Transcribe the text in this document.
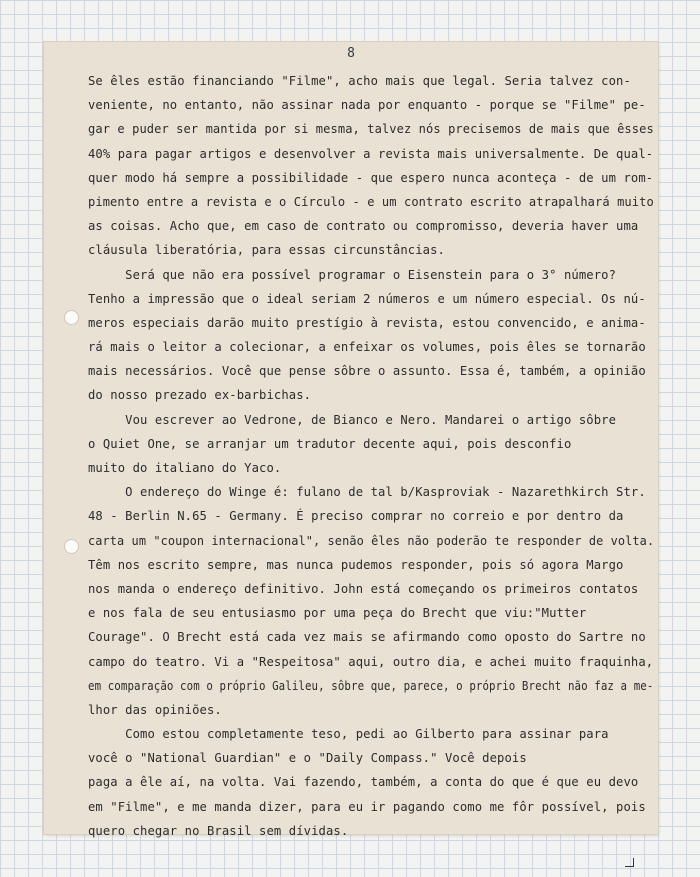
8
Se êles estão financiando "Filme", acho mais que legal. Seria talvez con-
veniente, no entanto, não assinar nada por enquanto - porque se "Filme" pe-
gar e puder ser mantida por si mesma, talvez nós precisemos de mais que êsses
40% para pagar artigos e desenvolver a revista mais universalmente. De qual-
quer modo há sempre a possibilidade - que espero nunca aconteça - de um rom-
pimento entre a revista e o Círculo - e um contrato escrito atrapalhará muito
as coisas. Acho que, em caso de contrato ou compromisso, deveria haver uma
cláusula liberatória, para essas circunstâncias.
Será que não era possível programar o Eisenstein para o 3° número?
Tenho a impressão que o ideal seriam 2 números e um número especial. Os nú-
meros especiais darão muito prestígio à revista, estou convencido, e anima-
rá mais o leitor a colecionar, a enfeixar os volumes, pois êles se tornarão
mais necessários. Você que pense sôbre o assunto. Essa é, também, a opinião
do nosso prezado ex-barbichas.
Vou escrever ao Vedrone, de Bianco e Nero. Mandarei o artigo sôbre
o Quiet One, se arranjar um tradutor decente aqui, pois desconfio
muito do italiano do Yaco.
O endereço do Winge é: fulano de tal b/Kasproviak - Nazarethkirch Str.
48 - Berlin N.65 - Germany. É preciso comprar no correio e por dentro da
carta um "coupon internacional", senão êles não poderão te responder de volta.
Têm nos escrito sempre, mas nunca pudemos responder, pois só agora Margo
nos manda o endereço definitivo. John está começando os primeiros contatos
e nos fala de seu entusiasmo por uma peça do Brecht que viu:"Mutter
Courage". O Brecht está cada vez mais se afirmando como oposto do Sartre no
campo do teatro. Vi a "Respeitosa" aqui, outro dia, e achei muito fraquinha,
em comparação com o próprio Galileu, sôbre que, parece, o próprio Brecht não faz a me-
lhor das opiniões.
Como estou completamente teso, pedi ao Gilberto para assinar para
você o "National Guardian" e o "Daily Compass." Você depois
paga a êle aí, na volta. Vai fazendo, também, a conta do que é que eu devo
em "Filme", e me manda dizer, para eu ir pagando como me fôr possível, pois
quero chegar no Brasil sem dívidas.
